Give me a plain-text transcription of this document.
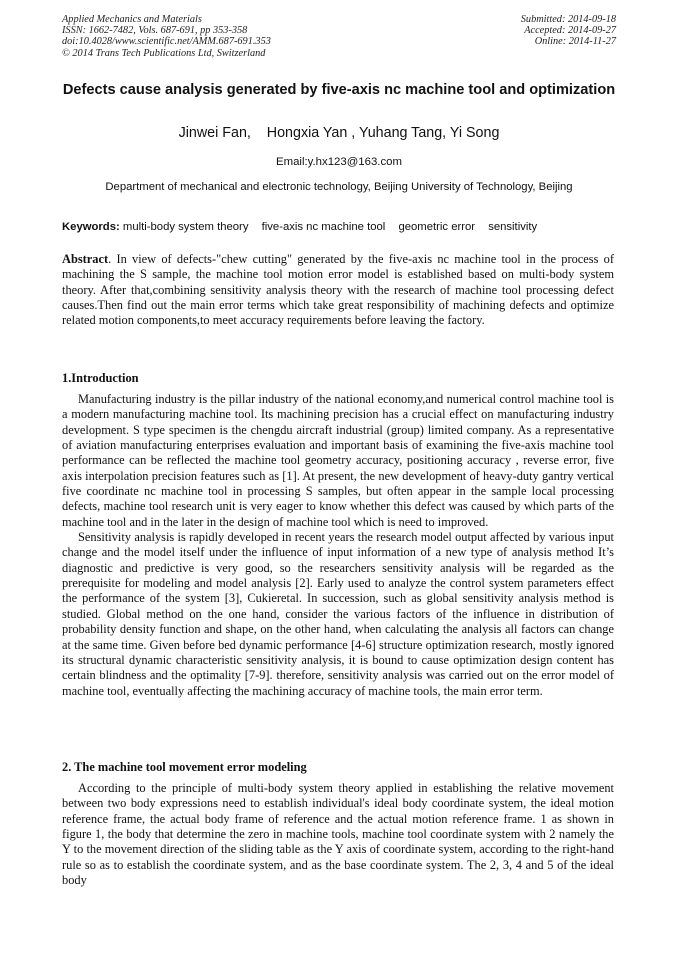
Applied Mechanics and Materials
ISSN: 1662-7482, Vols. 687-691, pp 353-358
doi:10.4028/www.scientific.net/AMM.687-691.353
© 2014 Trans Tech Publications Ltd, Switzerland
Submitted: 2014-09-18
Accepted: 2014-09-27
Online: 2014-11-27
Defects cause analysis generated by five-axis nc machine tool and optimization
Jinwei Fan,    Hongxia Yan , Yuhang Tang, Yi Song
Email:y.hx123@163.com
Department of mechanical and electronic technology, Beijing University of Technology, Beijing
Keywords: multi-body system theory five-axis nc machine tool geometric error sensitivity

Abstract. In view of defects-"chew cutting" generated by the five-axis nc machine tool in the process of machining the S sample, the machine tool motion error model is established based on multi-body system theory. After that,combining sensitivity analysis theory with the research of machine tool processing defect causes.Then find out the main error terms which take great responsibility of machining defects and optimize related motion components,to meet accuracy requirements before leaving the factory.

1.Introduction

Manufacturing industry is the pillar industry of the national economy,and numerical control machine tool is a modern manufacturing machine tool. Its machining precision has a crucial effect on manufacturing industry development. S type specimen is the chengdu aircraft industrial (group) limited company. As a representative of aviation manufacturing enterprises evaluation and important basis of examining the five-axis machine tool performance can be reflected the machine tool geometry accuracy, positioning accuracy , reverse error, five axis interpolation precision features such as [1]. At present, the new development of heavy-duty gantry vertical five coordinate nc machine tool in processing S samples, but often appear in the sample local processing defects, machine tool research unit is very eager to know whether this defect was caused by which parts of the machine tool and in the later in the design of machine tool which is need to improved.

Sensitivity analysis is rapidly developed in recent years the research model output affected by various input change and the model itself under the influence of input information of a new type of analysis method It’s diagnostic and predictive is very good, so the researchers sensitivity analysis will be regarded as the prerequisite for modeling and model analysis [2]. Early used to analyze the control system parameters effect the performance of the system [3], Cukieretal. In succession, such as global sensitivity analysis method is studied. Global method on the one hand, consider the various factors of the influence in distribution of probability density function and shape, on the other hand, when calculating the analysis all factors can change at the same time. Given before bed dynamic performance [4-6] structure optimization research, mostly ignored its structural dynamic characteristic sensitivity analysis, it is bound to cause optimization design content has certain blindness and the optimality [7-9]. therefore, sensitivity analysis was carried out on the error model of machine tool, eventually affecting the machining accuracy of machine tools, the main error term.

2. The machine tool movement error modeling

According to the principle of multi-body system theory applied in establishing the relative movement between two body expressions need to establish individual's ideal body coordinate system, the ideal motion reference frame, the actual body frame of reference and the actual motion reference frame. 1 as shown in figure 1, the body that determine the zero in machine tools, machine tool coordinate system with 2 namely the Y to the movement direction of the sliding table as the Y axis of coordinate system, according to the right-hand rule so as to establish the coordinate system, and as the base coordinate system. The 2, 3, 4 and 5 of the ideal body
